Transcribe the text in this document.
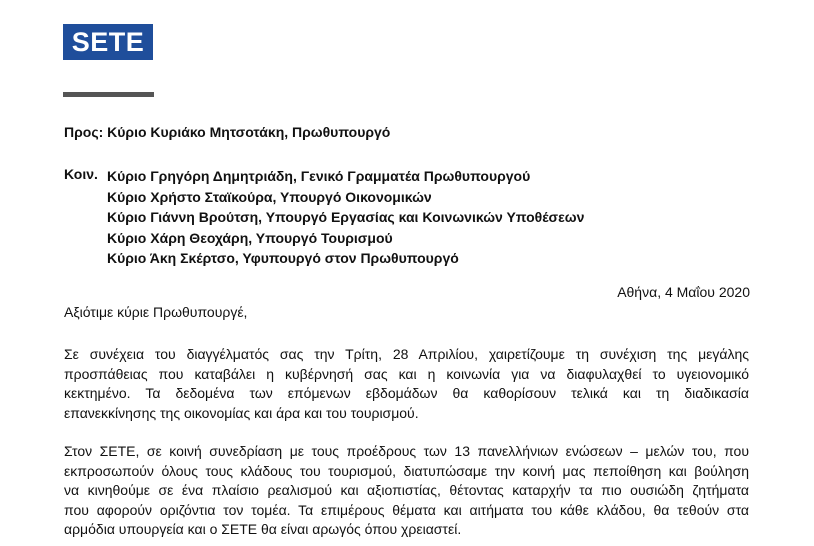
SETE
Προς: Κύριο Κυριάκο Μητσοτάκη, Πρωθυπουργό
Κοιν. Κύριο Γρηγόρη Δημητριάδη, Γενικό Γραμματέα Πρωθυπουργού
Κύριο Χρήστο Σταϊκούρα, Υπουργό Οικονομικών
Κύριο Γιάννη Βρούτση, Υπουργό Εργασίας και Κοινωνικών Υποθέσεων
Κύριο Χάρη Θεοχάρη, Υπουργό Τουρισμού
Κύριο Άκη Σκέρτσο, Υφυπουργό στον Πρωθυπουργό
Αθήνα, 4 Μαΐου 2020
Αξιότιμε κύριε Πρωθυπουργέ,
Σε συνέχεια του διαγγέλματός σας την Τρίτη, 28 Απριλίου, χαιρετίζουμε τη συνέχιση της μεγάλης
προσπάθειας που καταβάλει η κυβέρνησή σας και η κοινωνία για να διαφυλαχθεί το υγειονομικό
κεκτημένο. Τα δεδομένα των επόμενων εβδομάδων θα καθορίσουν τελικά και τη διαδικασία
επανεκκίνησης της οικονομίας και άρα και του τουρισμού.
Στον ΣΕΤΕ, σε κοινή συνεδρίαση με τους προέδρους των 13 πανελλήνιων ενώσεων – μελών του, που
εκπροσωπούν όλους τους κλάδους του τουρισμού, διατυπώσαμε την κοινή μας πεποίθηση και βούληση
να κινηθούμε σε ένα πλαίσιο ρεαλισμού και αξιοπιστίας, θέτοντας καταρχήν τα πιο ουσιώδη ζητήματα
που αφορούν οριζόντια τον τομέα. Τα επιμέρους θέματα και αιτήματα του κάθε κλάδου, θα τεθούν στα
αρμόδια υπουργεία και ο ΣΕΤΕ θα είναι αρωγός όπου χρειαστεί.
